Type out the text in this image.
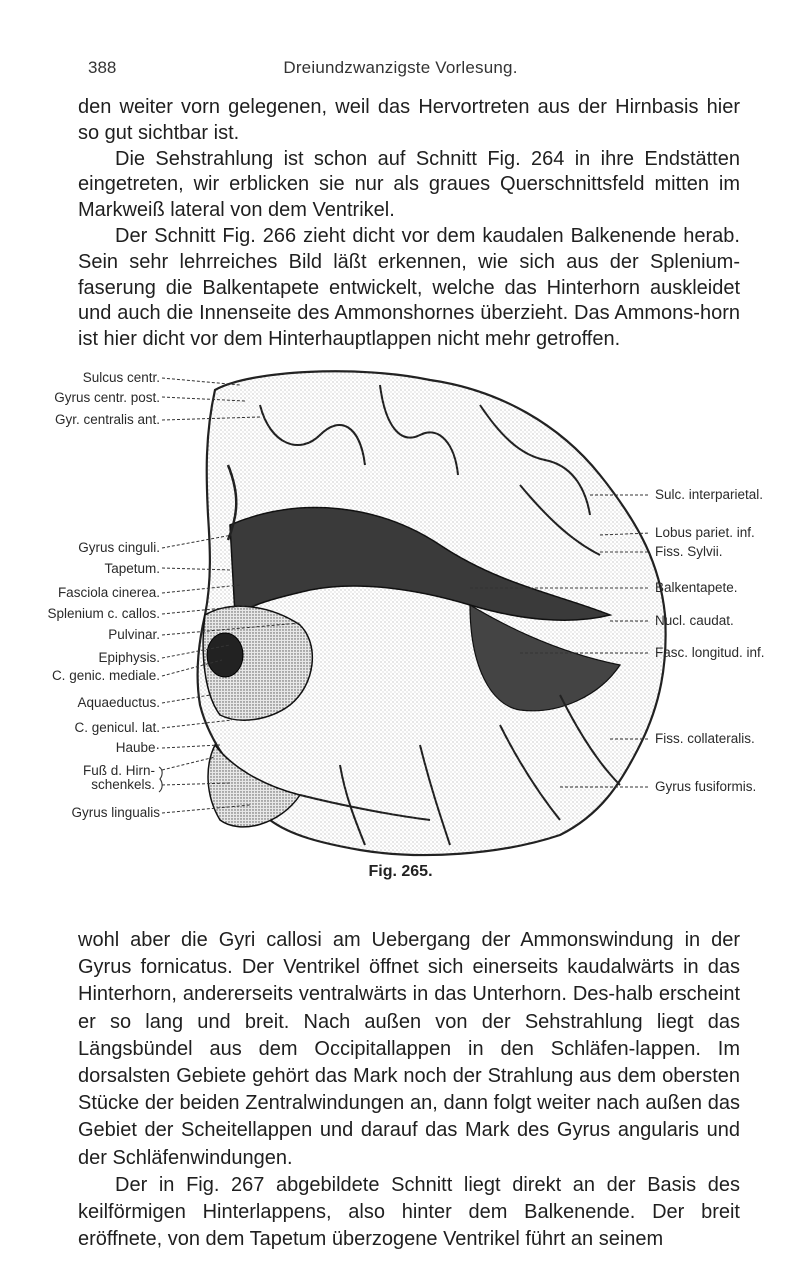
388	Dreiundzwanzigste Vorlesung.

den weiter vorn gelegenen, weil das Hervortreten aus der Hirnbasis hier so gut sichtbar ist.

Die Sehstrahlung ist schon auf Schnitt Fig. 264 in ihre Endstätten eingetreten, wir erblicken sie nur als graues Querschnittsfeld mitten im Markweiß lateral von dem Ventrikel.

Der Schnitt Fig. 266 zieht dicht vor dem kaudalen Balkenende herab. Sein sehr lehrreiches Bild läßt erkennen, wie sich aus der Splenium-faserung die Balkentapete entwickelt, welche das Hinterhorn auskleidet und auch die Innenseite des Ammonshornes überzieht. Das Ammons-horn ist hier dicht vor dem Hinterhauptlappen nicht mehr getroffen.

Sulcus centr.
Gyrus centr. post.
Gyr. centralis ant.
Gyrus cinguli.
Tapetum.
Fasciola cinerea.
Splenium c. callos.
Pulvinar.
Epiphysis.
C. genic. mediale.
Aquaeductus.
C. genicul. lat.
Haube·
Fuß d. Hirn-
schenkels.
Gyrus lingualis
Sulc. interparietal.
Lobus pariet. inf.
Fiss. Sylvii.
Balkentapete.
Nucl. caudat.
Fasc. longitud. inf.
Fiss. collateralis.
Gyrus fusiformis.
Fig. 265.

wohl aber die Gyri callosi am Uebergang der Ammonswindung in der Gyrus fornicatus. Der Ventrikel öffnet sich einerseits kaudalwärts in das Hinterhorn, andererseits ventralwärts in das Unterhorn. Des-halb erscheint er so lang und breit. Nach außen von der Sehstrahlung liegt das Längsbündel aus dem Occipitallappen in den Schläfen-lappen. Im dorsalsten Gebiete gehört das Mark noch der Strahlung aus dem obersten Stücke der beiden Zentralwindungen an, dann folgt weiter nach außen das Gebiet der Scheitellappen und darauf das Mark des Gyrus angularis und der Schläfenwindungen.

Der in Fig. 267 abgebildete Schnitt liegt direkt an der Basis des keilförmigen Hinterlappens, also hinter dem Balkenende. Der breit eröffnete, von dem Tapetum überzogene Ventrikel führt an seinem
